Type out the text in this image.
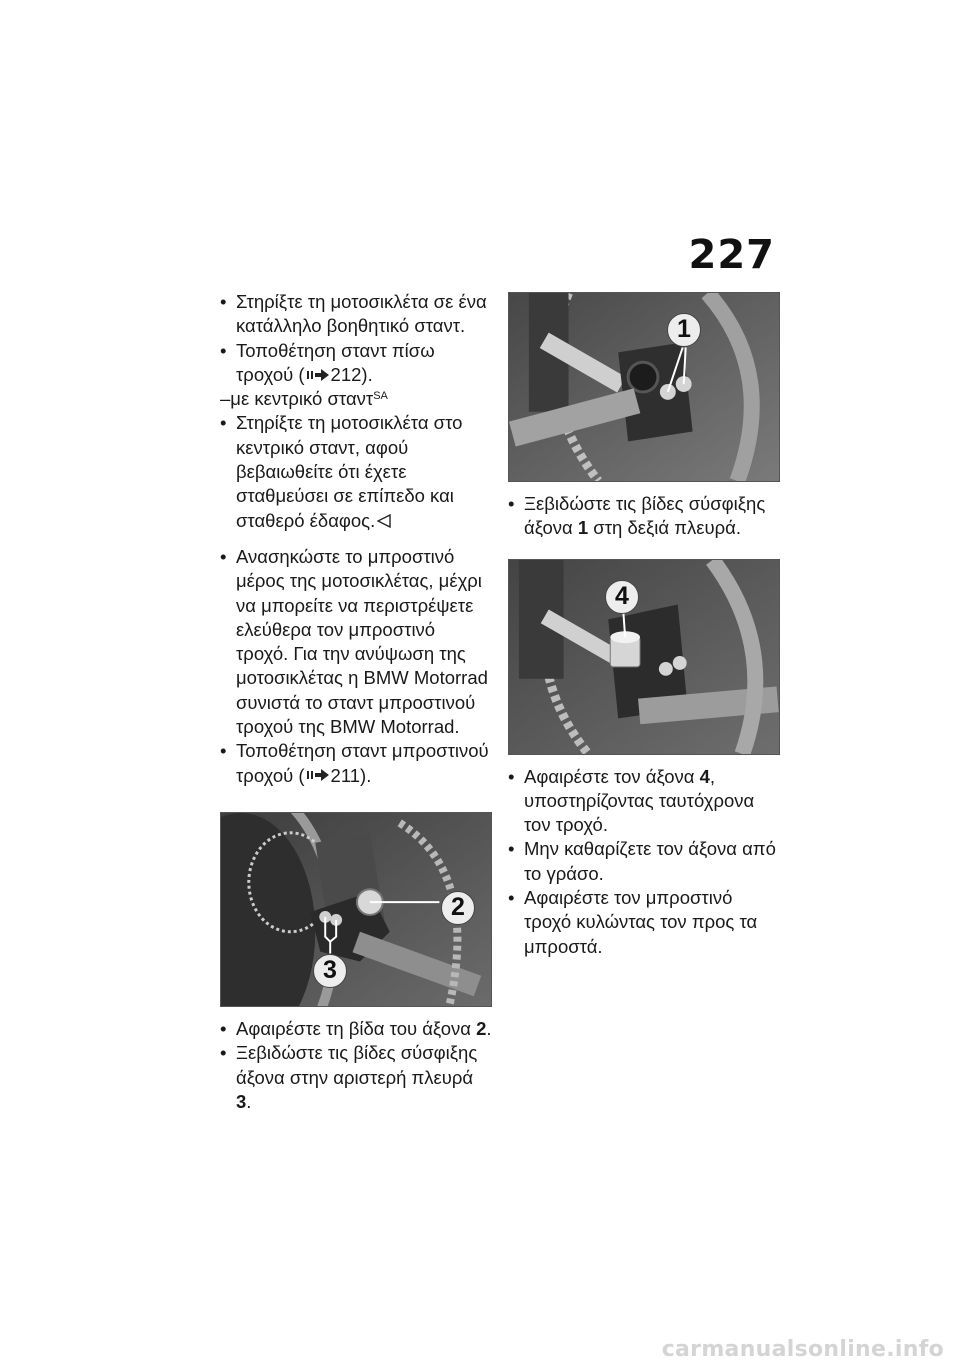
227

• Στηρίξτε τη μοτοσικλέτα σε ένα κατάλληλο βοηθητικό σταντ.

• Τοποθέτηση σταντ πίσω τροχού ( 212).

–με κεντρικό σταντ$^{SA}$

• Στηρίξτε τη μοτοσικλέτα στο κεντρικό σταντ, αφού βεβαιωθείτε ότι έχετε σταθμεύσει σε επίπεδο και σταθερό έδαφος.

• Ανασηκώστε το μπροστινό μέρος της μοτοσικλέτας, μέχρι να μπορείτε να περιστρέψετε ελεύθερα τον μπροστινό τροχό. Για την ανύψωση της μοτοσικλέτας η BMW Motorrad συνιστά το σταντ μπροστινού τροχού της BMW Motorrad.

• Τοποθέτηση σταντ μπροστινού τροχού ( 211).

2
3

• Αφαιρέστε τη βίδα του άξονα 2.

• Ξεβιδώστε τις βίδες σύσφιξης άξονα στην αριστερή πλευρά 3.

1

• Ξεβιδώστε τις βίδες σύσφιξης άξονα 1 στη δεξιά πλευρά.

4

• Αφαιρέστε τον άξονα 4, υποστηρίζοντας ταυτόχρονα τον τροχό.

• Μην καθαρίζετε τον άξονα από το γράσο.

• Αφαιρέστε τον μπροστινό τροχό κυλώντας τον προς τα μπροστά.

carmanualsonline.info
